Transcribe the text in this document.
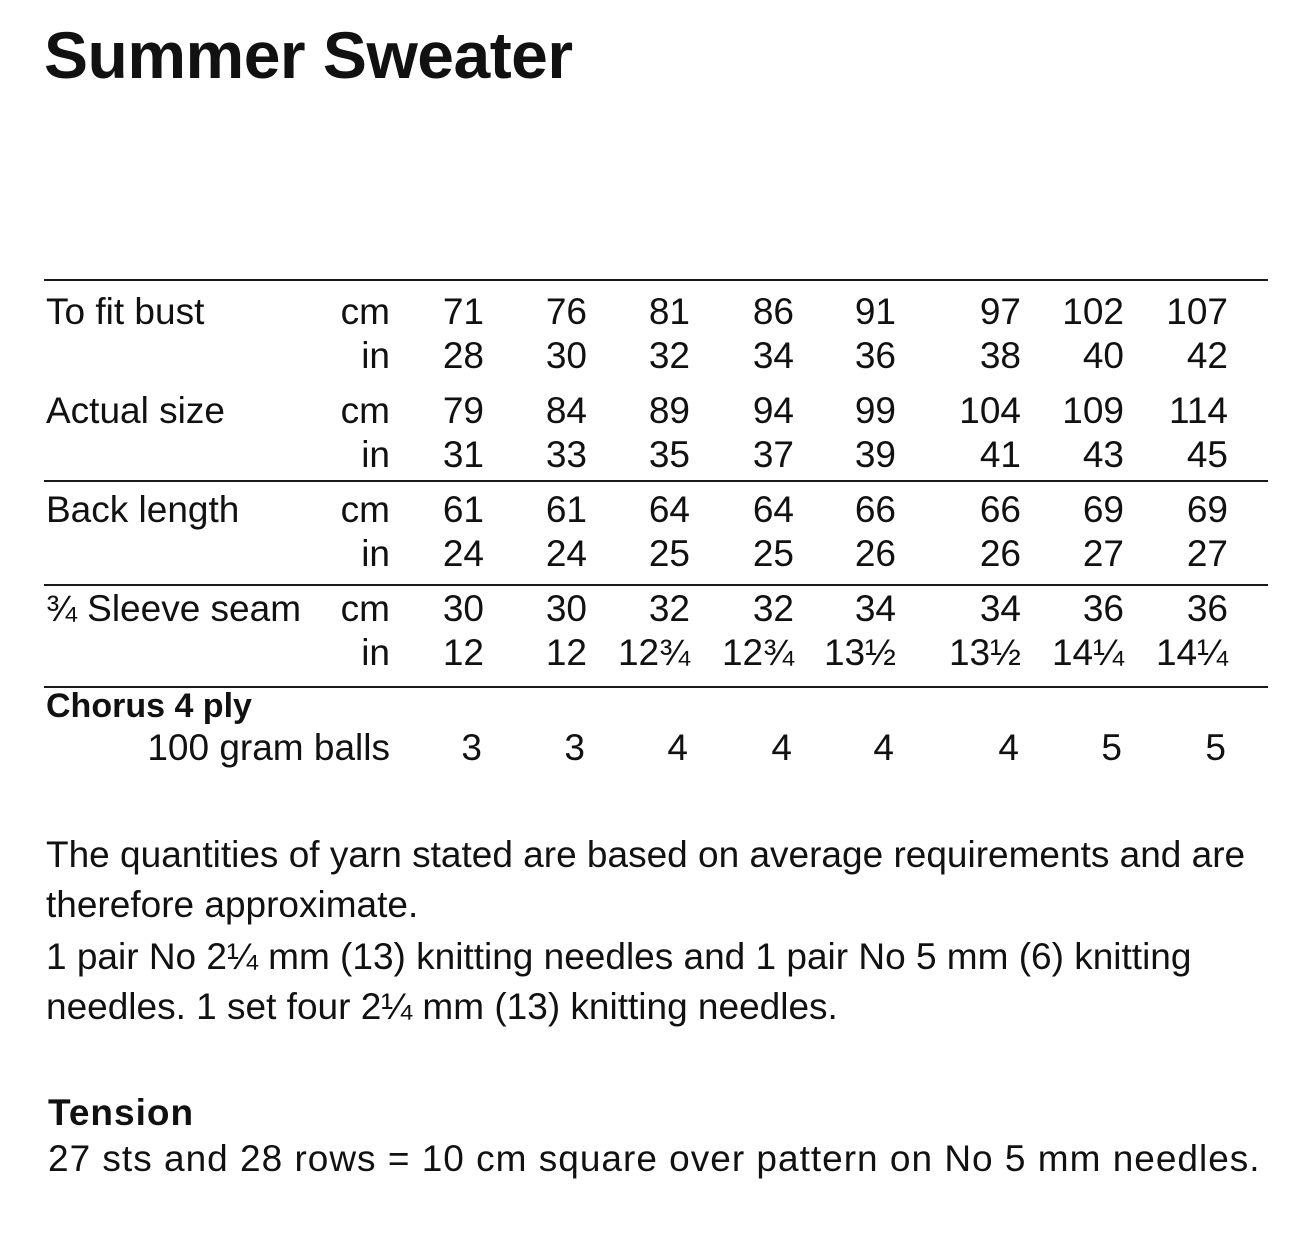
Summer Sweater
To fit bust	cm 71 76 81 86 91 97 102 107
in 28 30 32 34 36 38 40 42
Actual size	cm 79 84 89 94 99 104 109 114
in 31 33 35 37 39 41 43 45
Back length	cm 61 61 64 64 66 66 69 69
in 24 24 25 25 26 26 27 27
¾ Sleeve seam cm 30 30 32 32 34 34 36 36
in 12 12 12¾ 12¾ 13½ 13½ 14¼ 14¼
Chorus 4 ply
100 gram balls 3 3 4 4 4	4 5 5

The quantities of yarn stated are based on average requirements and are therefore approximate.

1 pair No 2¼ mm (13) knitting needles and 1 pair No 5 mm (6) knitting needles. 1 set four 2¼ mm (13) knitting needles.

Tension

27 sts and 28 rows = 10 cm square over pattern on No 5 mm needles.
